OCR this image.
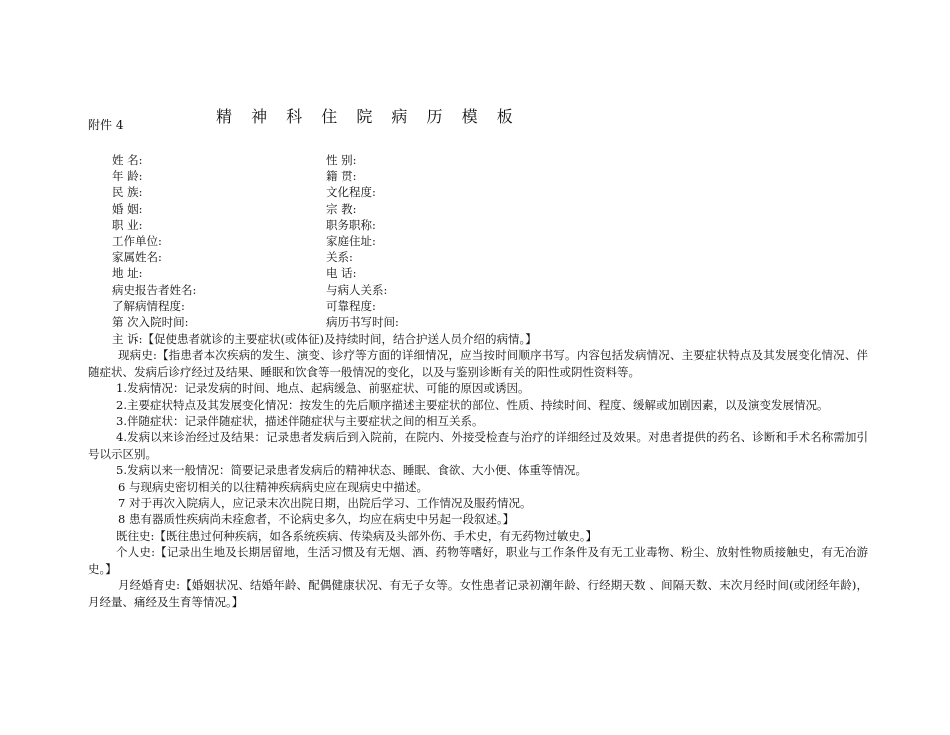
附件 4	精 神 科 住 院 病 历 模 板
姓 名:	性 别:
年 龄:	籍 贯:
民 族:	文化程度:
婚 姻:	宗 教:
职 业:	职务职称:
工作单位:	家庭住址:
家属姓名:	关系:
地 址:	电 话:
病史报告者姓名:	与病人关系:
了解病情程度:	可靠程度:
第 次入院时间:	病历书写时间:

主 诉:【促使患者就诊的主要症状(或体征)及持续时间，结合护送人员介绍的病情。】

现病史:【指患者本次疾病的发生、演变、诊疗等方面的详细情况，应当按时间顺序书写。内容包括发病情况、主要症状特点及其发展变化情况、伴随症状、发病后诊疗经过及结果、睡眠和饮食等一般情况的变化，以及与鉴别诊断有关的阳性或阴性资料等。

1.发病情况：记录发病的时间、地点、起病缓急、前驱症状、可能的原因或诱因。

2.主要症状特点及其发展变化情况：按发生的先后顺序描述主要症状的部位、性质、持续时间、程度、缓解或加剧因素，以及演变发展情况。

3.伴随症状：记录伴随症状，描述伴随症状与主要症状之间的相互关系。

4.发病以来诊治经过及结果：记录患者发病后到入院前，在院内、外接受检查与治疗的详细经过及效果。对患者提供的药名、诊断和手术名称需加引号以示区别。

5.发病以来一般情况：简要记录患者发病后的精神状态、睡眠、食欲、大小便、体重等情况。

6 与现病史密切相关的以往精神疾病病史应在现病史中描述。

7 对于再次入院病人，应记录末次出院日期，出院后学习、工作情况及服药情况。

8 患有器质性疾病尚未痊愈者，不论病史多久，均应在病史中另起一段叙述。】

既往史:【既往患过何种疾病，如各系统疾病、传染病及头部外伤、手术史，有无药物过敏史。】

个人史:【记录出生地及长期居留地，生活习惯及有无烟、酒、药物等嗜好，职业与工作条件及有无工业毒物、粉尘、放射性物质接触史，有无冶游史。】

月经婚育史:【婚姻状况、结婚年龄、配偶健康状况、有无子女等。女性患者记录初潮年龄、行经期天数 、间隔天数、末次月经时间(或闭经年龄)，月经量、痛经及生育等情况。】
